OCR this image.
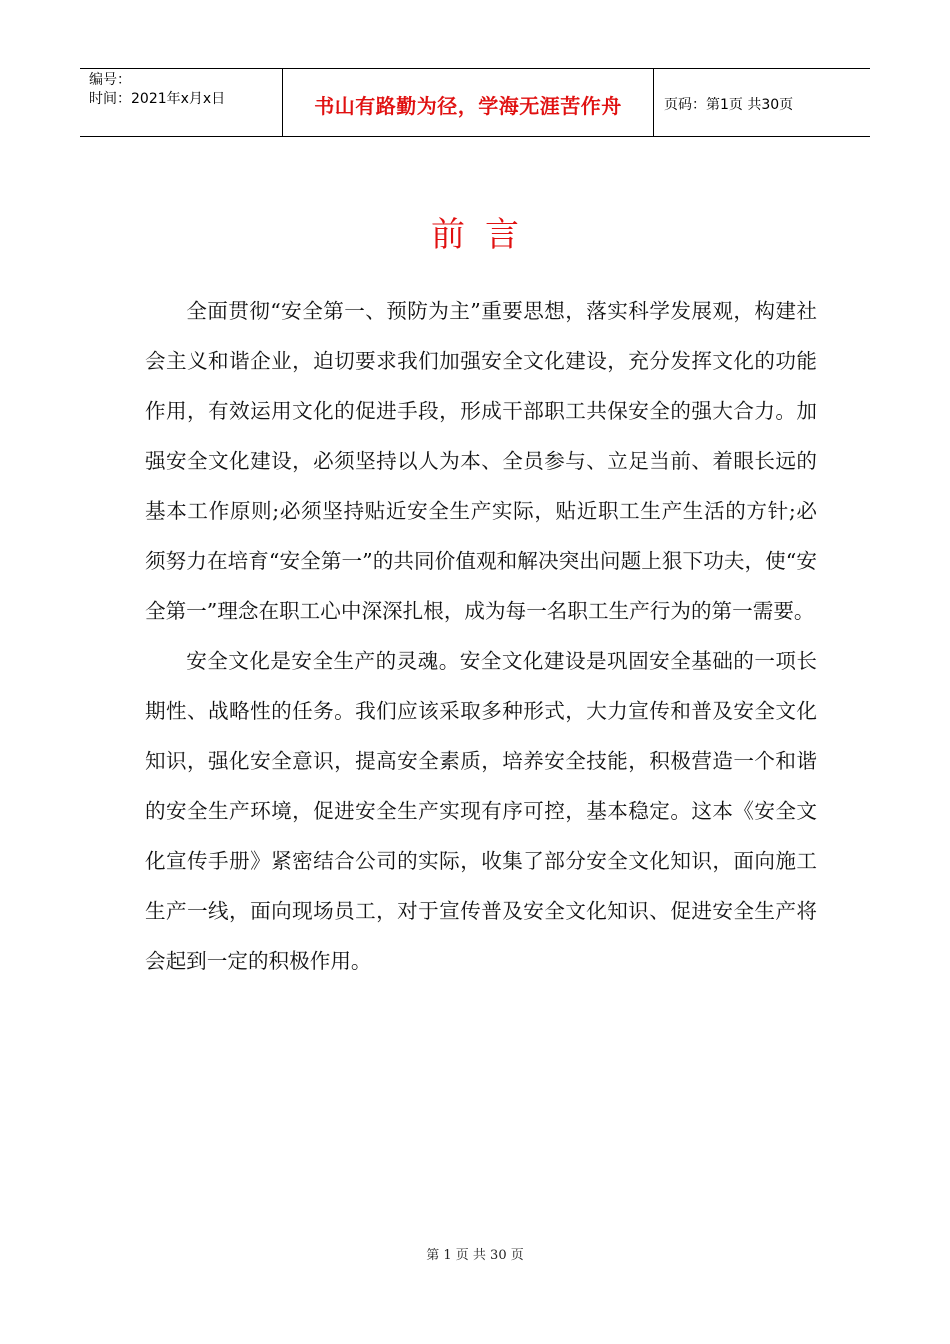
编号：
时间：2021年x月x日	书山有路勤为径，学海无涯苦作舟	页码：第1页 共30页
前言

全面贯彻“安全第一、预防为主”重要思想，落实科学发展观，构建社会主义和谐企业，迫切要求我们加强安全文化建设，充分发挥文化的功能作用，有效运用文化的促进手段，形成干部职工共保安全的强大合力。加强安全文化建设，必须坚持以人为本、全员参与、立足当前、着眼长远的基本工作原则;必须坚持贴近安全生产实际，贴近职工生产生活的方针;必须努力在培育“安全第一”的共同价值观和解决突出问题上狠下功夫，使“安全第一”理念在职工心中深深扎根，成为每一名职工生产行为的第一需要。

安全文化是安全生产的灵魂。安全文化建设是巩固安全基础的一项长期性、战略性的任务。我们应该采取多种形式，大力宣传和普及安全文化知识，强化安全意识，提高安全素质，培养安全技能，积极营造一个和谐的安全生产环境，促进安全生产实现有序可控，基本稳定。这本《安全文化宣传手册》紧密结合公司的实际，收集了部分安全文化知识，面向施工生产一线，面向现场员工，对于宣传普及安全文化知识、促进安全生产将会起到一定的积极作用。

第 1 页 共 30 页
